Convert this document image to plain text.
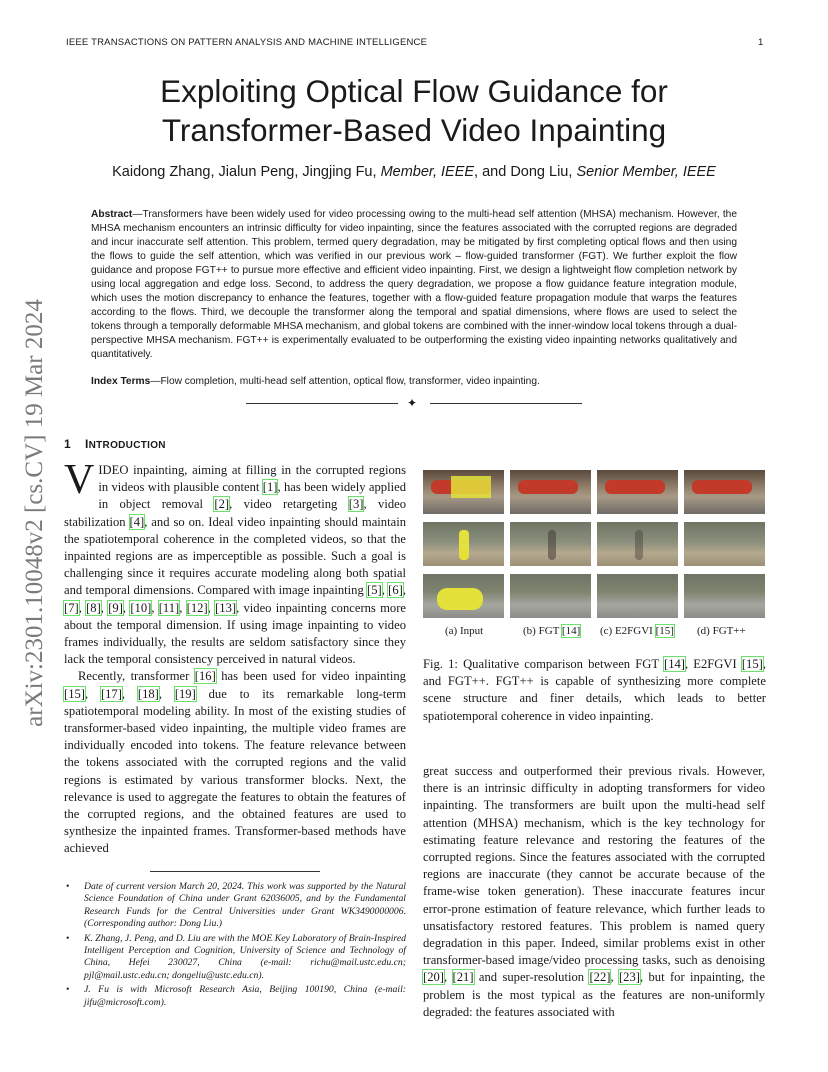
IEEE TRANSACTIONS ON PATTERN ANALYSIS AND MACHINE INTELLIGENCE	1
arXiv:2301.10048v2 [cs.CV] 19 Mar 2024
Exploiting Optical Flow Guidance for
Transformer-Based Video Inpainting
Kaidong Zhang, Jialun Peng, Jingjing Fu, Member, IEEE, and Dong Liu, Senior Member, IEEE
Abstract—Transformers have been widely used for video processing owing to the multi-head self attention (MHSA) mechanism. However, the MHSA mechanism encounters an intrinsic difficulty for video inpainting, since the features associated with the corrupted regions are degraded and incur inaccurate self attention. This problem, termed query degradation, may be mitigated by first completing optical flows and then using the flows to guide the self attention, which was verified in our previous work – flow-guided transformer (FGT). We further exploit the flow guidance and propose FGT++ to pursue more effective and efficient video inpainting. First, we design a lightweight flow completion network by using local aggregation and edge loss. Second, to address the query degradation, we propose a flow guidance feature integration module, which uses the motion discrepancy to enhance the features, together with a flow-guided feature propagation module that warps the features according to the flows. Third, we decouple the transformer along the temporal and spatial dimensions, where flows are used to select the tokens through a temporally deformable MHSA mechanism, and global tokens are combined with the inner-window local tokens through a dual-perspective MHSA mechanism. FGT++ is experimentally evaluated to be outperforming the existing video inpainting networks qualitatively and quantitatively.
Index Terms—Flow completion, multi-head self attention, optical flow, transformer, video inpainting.
✦
1 INTRODUCTION

VIDEO inpainting, aiming at filling in the corrupted regions in videos with plausible content [1], has been widely applied in object removal [2], video retargeting [3], video stabilization [4], and so on. Ideal video inpainting should maintain the spatiotemporal coherence in the completed videos, so that the inpainted regions are as imperceptible as possible. Such a goal is challenging since it requires accurate modeling along both spatial and temporal dimensions. Compared with image inpainting [5], [6], [7], [8], [9], [10], [11], [12], [13], video inpainting concerns more about the temporal dimension. If using image inpainting to video frames individually, the results are seldom satisfactory since they lack the temporal consistency perceived in natural videos.

Recently, transformer [16] has been used for video inpainting [15], [17], [18], [19] due to its remarkable long-term spatiotemporal modeling ability. In most of the existing studies of transformer-based video inpainting, the multiple video frames are individually encoded into tokens. The feature relevance between the tokens associated with the corrupted regions and the valid regions is estimated by various transformer blocks. Next, the relevance is used to aggregate the features to obtain the features of the corrupted regions, and the obtained features are used to synthesize the inpainted frames. Transformer-based methods have achieved

• Date of current version March 20, 2024. This work was supported by the Natural Science Foundation of China under Grant 62036005, and by the Fundamental Research Funds for the Central Universities under Grant WK3490000006. (Corresponding author: Dong Liu.)
• K. Zhang, J. Peng, and D. Liu are with the MOE Key Laboratory of Brain-Inspired Intelligent Perception and Cognition, University of Science and Technology of China, Hefei 230027, China (e-mail: richu@mail.ustc.edu.cn; pjl@mail.ustc.edu.cn; dongeliu@ustc.edu.cn).
• J. Fu is with Microsoft Research Asia, Beijing 100190, China (e-mail: jifu@microsoft.com).
(a) Input	(b) FGT [14] (c) E2FGVI [15] (d) FGT++
Fig. 1: Qualitative comparison between FGT [14], E2FGVI [15], and FGT++. FGT++ is capable of synthesizing more complete scene structure and finer details, which leads to better spatiotemporal coherence in video inpainting.

great success and outperformed their previous rivals. However, there is an intrinsic difficulty in adopting transformers for video inpainting. The transformers are built upon the multi-head self attention (MHSA) mechanism, which is the key technology for estimating feature relevance and restoring the features of the corrupted regions. Since the features associated with the corrupted regions are inaccurate (they cannot be accurate because of the frame-wise token generation). These inaccurate features incur error-prone estimation of feature relevance, which further leads to unsatisfactory restored features. This problem is named query degradation in this paper. Indeed, similar problems exist in other transformer-based image/video processing tasks, such as denoising [20], [21] and super-resolution [22], [23], but for inpainting, the problem is the most typical as the features are non-uniformly degraded: the features associated with
